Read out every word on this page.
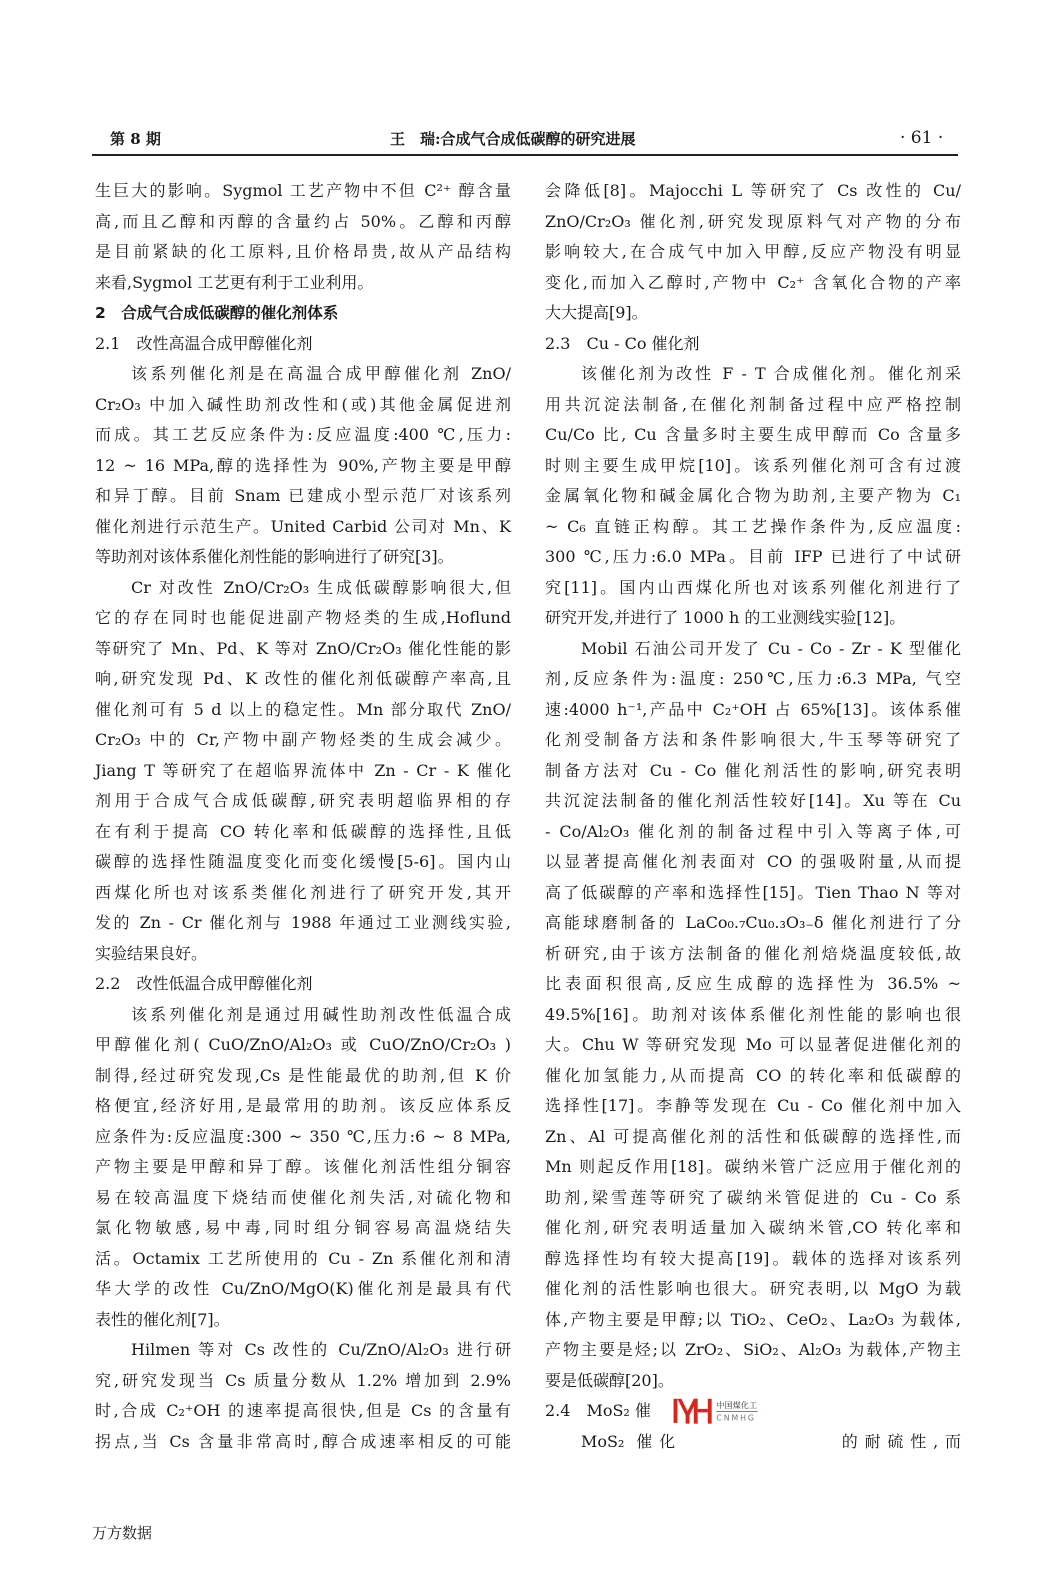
第 8 期	王　瑞:合成气合成低碳醇的研究进展	· 61 ·
生巨大的影响。Sygmol 工艺产物中不但 C²⁺ 醇含量
高,而且乙醇和丙醇的含量约占 50%。乙醇和丙醇
是目前紧缺的化工原料,且价格昂贵,故从产品结构
来看,Sygmol 工艺更有利于工业利用。
2　合成气合成低碳醇的催化剂体系
2.1　改性高温合成甲醇催化剂
该系列催化剂是在高温合成甲醇催化剂 ZnO/
Cr₂O₃ 中加入碱性助剂改性和(或)其他金属促进剂
而成。其工艺反应条件为:反应温度:400 ℃,压力:
12 ~ 16 MPa,醇的选择性为 90%,产物主要是甲醇
和异丁醇。目前 Snam 已建成小型示范厂对该系列
催化剂进行示范生产。United Carbid 公司对 Mn、K
等助剂对该体系催化剂性能的影响进行了研究[3]。
Cr 对改性 ZnO/Cr₂O₃ 生成低碳醇影响很大,但
它的存在同时也能促进副产物烃类的生成,Hoflund
等研究了 Mn、Pd、K 等对 ZnO/Cr₂O₃ 催化性能的影
响,研究发现 Pd、K 改性的催化剂低碳醇产率高,且
催化剂可有 5 d 以上的稳定性。Mn 部分取代 ZnO/
Cr₂O₃ 中的 Cr,产物中副产物烃类的生成会减少。
Jiang T 等研究了在超临界流体中 Zn - Cr - K 催化
剂用于合成气合成低碳醇,研究表明超临界相的存
在有利于提高 CO 转化率和低碳醇的选择性,且低
碳醇的选择性随温度变化而变化缓慢[5-6]。国内山
西煤化所也对该系类催化剂进行了研究开发,其开
发的 Zn - Cr 催化剂与 1988 年通过工业测线实验,
实验结果良好。
2.2　改性低温合成甲醇催化剂
该系列催化剂是通过用碱性助剂改性低温合成
甲醇催化剂( CuO/ZnO/Al₂O₃ 或 CuO/ZnO/Cr₂O₃ )
制得,经过研究发现,Cs 是性能最优的助剂,但 K 价
格便宜,经济好用,是最常用的助剂。该反应体系反
应条件为:反应温度:300 ~ 350 ℃,压力:6 ~ 8 MPa,
产物主要是甲醇和异丁醇。该催化剂活性组分铜容
易在较高温度下烧结而使催化剂失活,对硫化物和
氯化物敏感,易中毒,同时组分铜容易高温烧结失
活。Octamix 工艺所使用的 Cu - Zn 系催化剂和清
华大学的改性 Cu/ZnO/MgO(K)催化剂是最具有代
表性的催化剂[7]。
Hilmen 等对 Cs 改性的 Cu/ZnO/Al₂O₃ 进行研
究,研究发现当 Cs 质量分数从 1.2% 增加到 2.9%
时,合成 C₂⁺OH 的速率提高很快,但是 Cs 的含量有
拐点,当 Cs 含量非常高时,醇合成速率相反的可能
会降低[8]。Majocchi L 等研究了 Cs 改性的 Cu/
ZnO/Cr₂O₃ 催化剂,研究发现原料气对产物的分布
影响较大,在合成气中加入甲醇,反应产物没有明显
变化,而加入乙醇时,产物中 C₂⁺ 含氧化合物的产率
大大提高[9]。
2.3　Cu - Co 催化剂
该催化剂为改性 F - T 合成催化剂。催化剂采
用共沉淀法制备,在催化剂制备过程中应严格控制
Cu/Co 比, Cu 含量多时主要生成甲醇而 Co 含量多
时则主要生成甲烷[10]。该系列催化剂可含有过渡
金属氧化物和碱金属化合物为助剂,主要产物为 C₁
~ C₆ 直链正构醇。其工艺操作条件为,反应温度:
300 ℃,压力:6.0 MPa。目前 IFP 已进行了中试研
究[11]。国内山西煤化所也对该系列催化剂进行了
研究开发,并进行了 1000 h 的工业测线实验[12]。
Mobil 石油公司开发了 Cu - Co - Zr - K 型催化
剂,反应条件为:温度: 250℃,压力:6.3 MPa, 气空
速:4000 h⁻¹,产品中 C₂⁺OH 占 65%[13]。该体系催
化剂受制备方法和条件影响很大,牛玉琴等研究了
制备方法对 Cu - Co 催化剂活性的影响,研究表明
共沉淀法制备的催化剂活性较好[14]。Xu 等在 Cu
- Co/Al₂O₃ 催化剂的制备过程中引入等离子体,可
以显著提高催化剂表面对 CO 的强吸附量,从而提
高了低碳醇的产率和选择性[15]。Tien Thao N 等对
高能球磨制备的 LaCo₀.₇Cu₀.₃O₃₋δ 催化剂进行了分
析研究,由于该方法制备的催化剂焙烧温度较低,故
比表面积很高,反应生成醇的选择性为 36.5% ~
49.5%[16]。助剂对该体系催化剂性能的影响也很
大。Chu W 等研究发现 Mo 可以显著促进催化剂的
催化加氢能力,从而提高 CO 的转化率和低碳醇的
选择性[17]。李静等发现在 Cu - Co 催化剂中加入
Zn、Al 可提高催化剂的活性和低碳醇的选择性,而
Mn 则起反作用[18]。碳纳米管广泛应用于催化剂的
助剂,梁雪莲等研究了碳纳米管促进的 Cu - Co 系
催化剂,研究表明适量加入碳纳米管,CO 转化率和
醇选择性均有较大提高[19]。载体的选择对该系列
催化剂的活性影响也很大。研究表明,以 MgO 为载
体,产物主要是甲醇;以 TiO₂、CeO₂、La₂O₃ 为载体,
产物主要是烃;以 ZrO₂、SiO₂、Al₂O₃ 为载体,产物主
要是低碳醇[20]。
2.4　MoS₂ 催
MoS₂ 催化　　　　　　　的耐硫性,而
中国煤化工
CNMHG
万方数据
